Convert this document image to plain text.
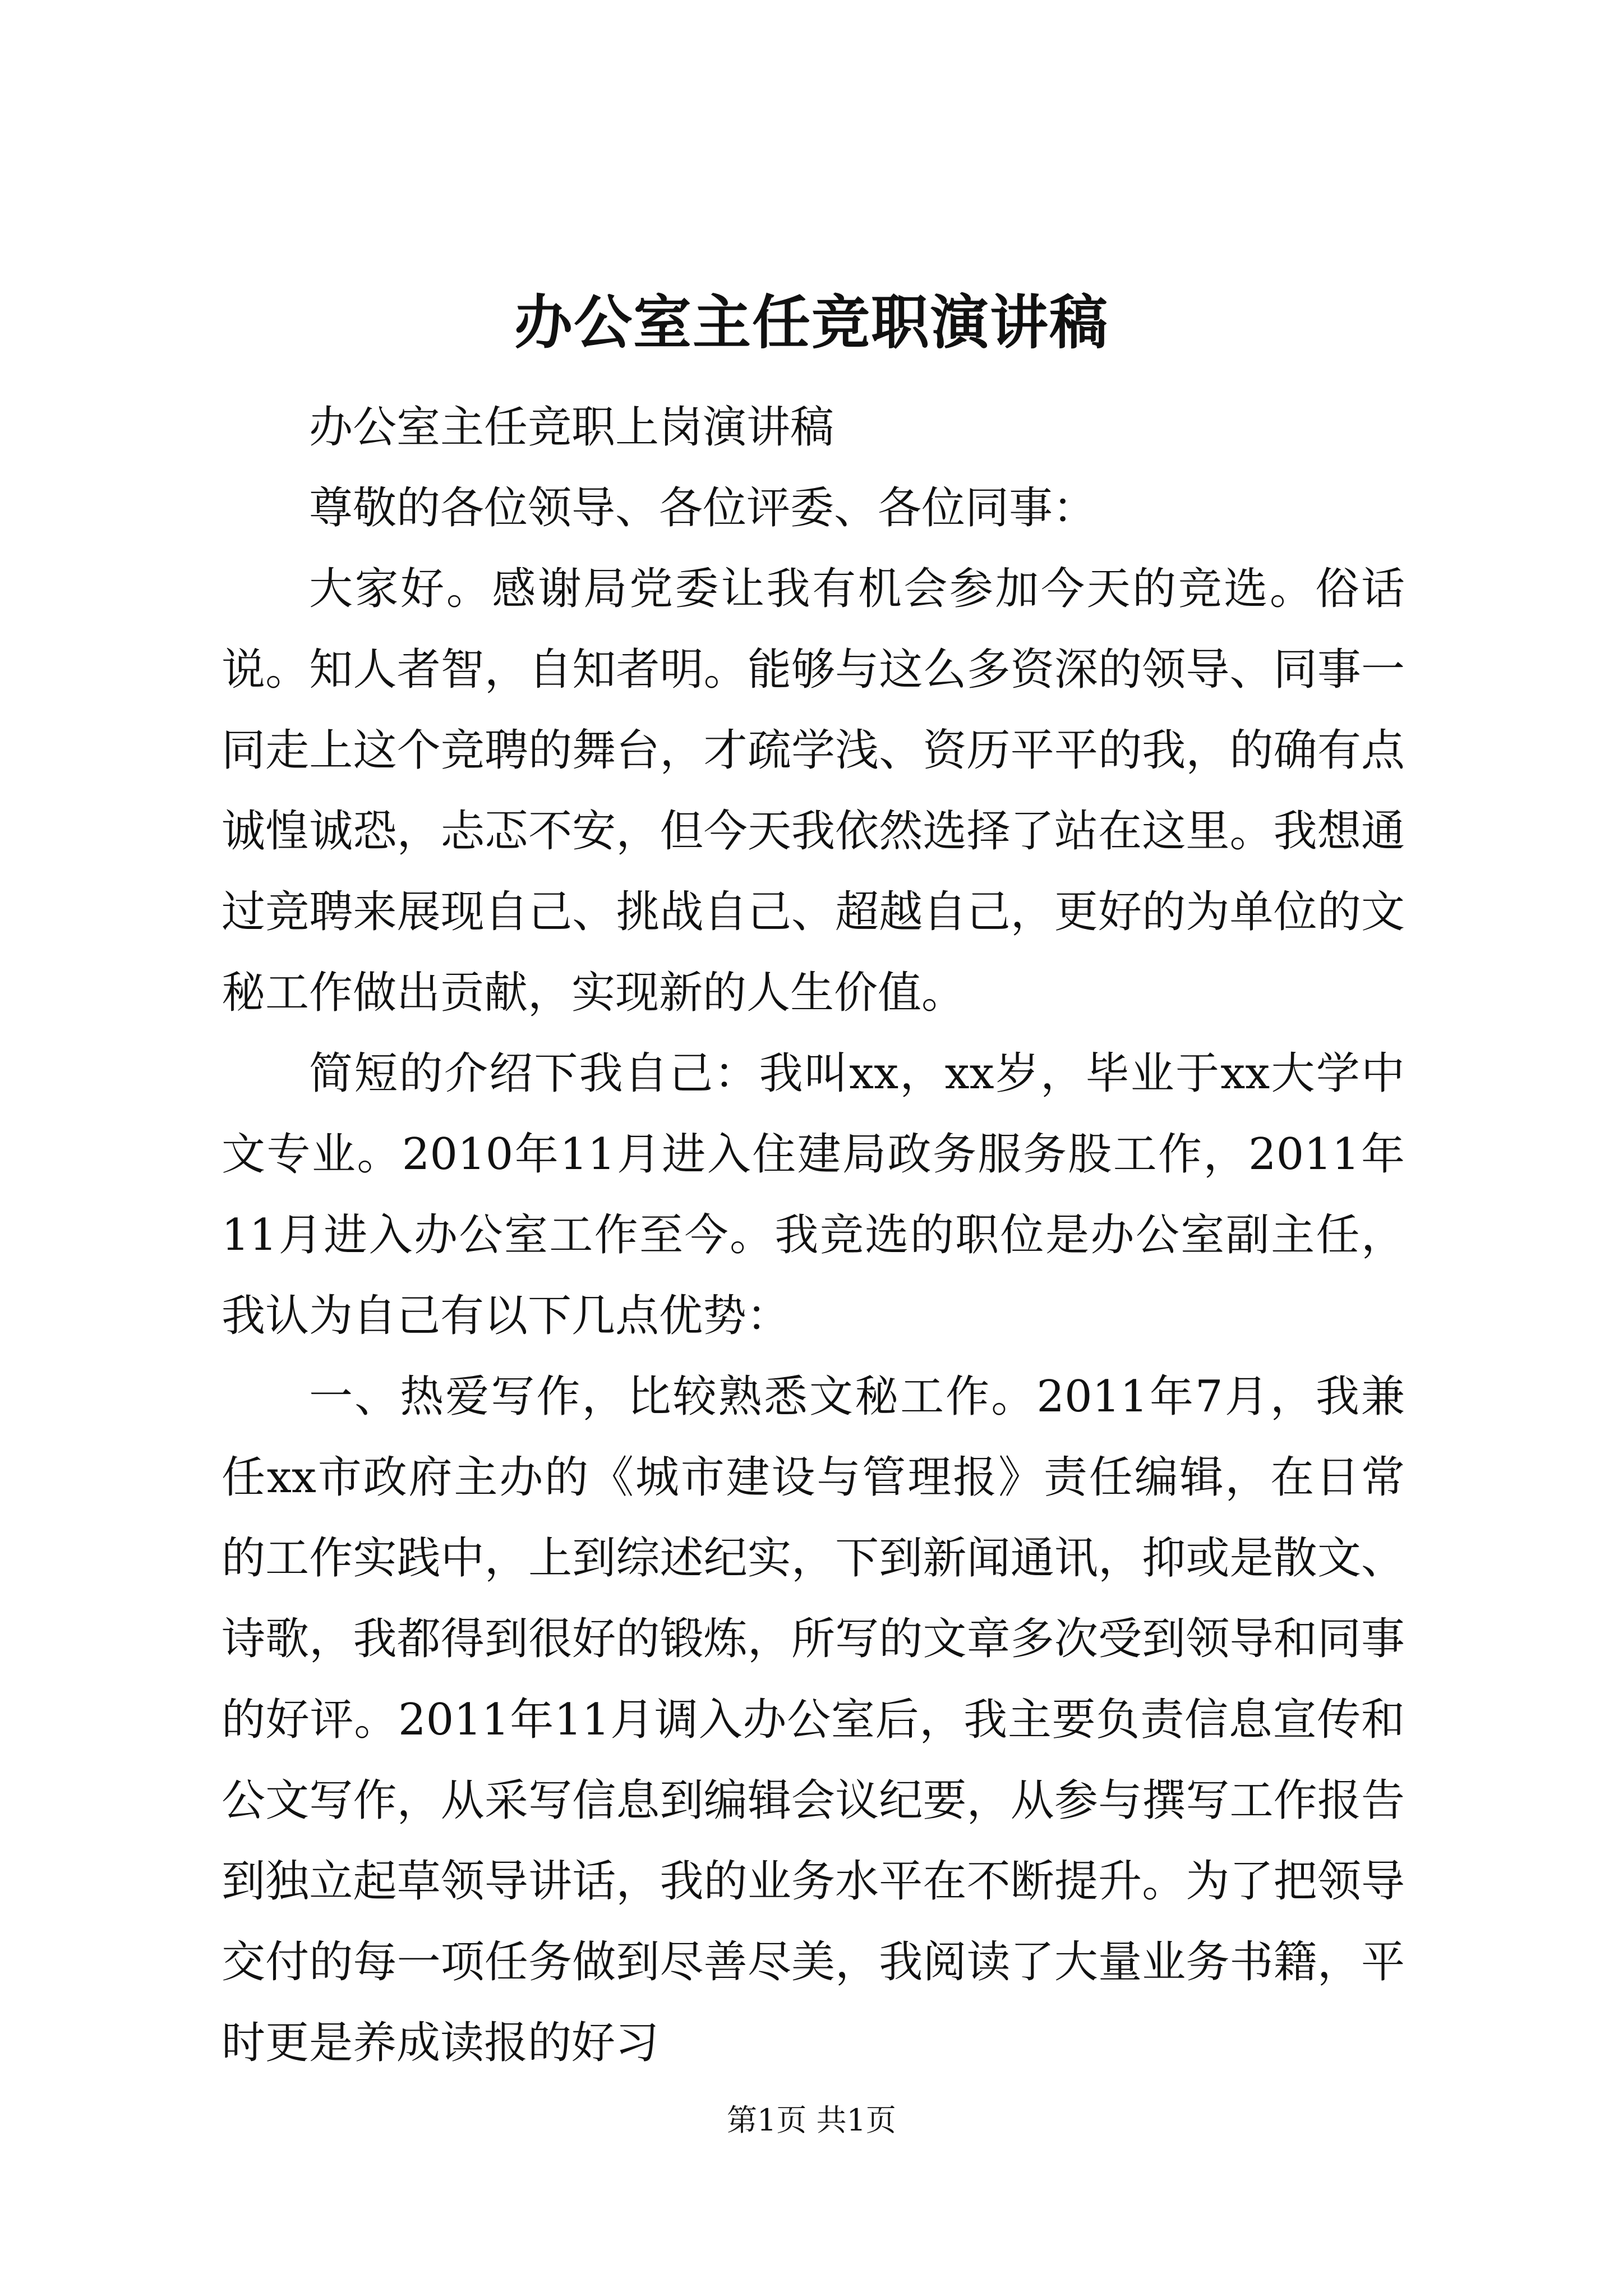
办公室主任竞职演讲稿

办公室主任竞职上岗演讲稿

尊敬的各位领导、各位评委、各位同事：

大家好。感谢局党委让我有机会参加今天的竞选。俗话说。知人者智，自知者明。能够与这么多资深的领导、同事一同走上这个竞聘的舞台，才疏学浅、资历平平的我，的确有点诚惶诚恐，忐忑不安，但今天我依然选择了站在这里。我想通过竞聘来展现自己、挑战自己、超越自己，更好的为单位的文秘工作做出贡献，实现新的人生价值。

简短的介绍下我自己：我叫xx，xx岁，毕业于xx大学中文专业。2010年11月进入住建局政务服务股工作，2011年11月进入办公室工作至今。我竞选的职位是办公室副主任，我认为自己有以下几点优势：

一、热爱写作，比较熟悉文秘工作。2011年7月，我兼任xx市政府主办的《城市建设与管理报》责任编辑，在日常的工作实践中，上到综述纪实，下到新闻通讯，抑或是散文、诗歌，我都得到很好的锻炼，所写的文章多次受到领导和同事的好评。2011年11月调入办公室后，我主要负责信息宣传和公文写作，从采写信息到编辑会议纪要，从参与撰写工作报告到独立起草领导讲话，我的业务水平在不断提升。为了把领导交付的每一项任务做到尽善尽美，我阅读了大量业务书籍，平时更是养成读报的好习

第1页 共1页
